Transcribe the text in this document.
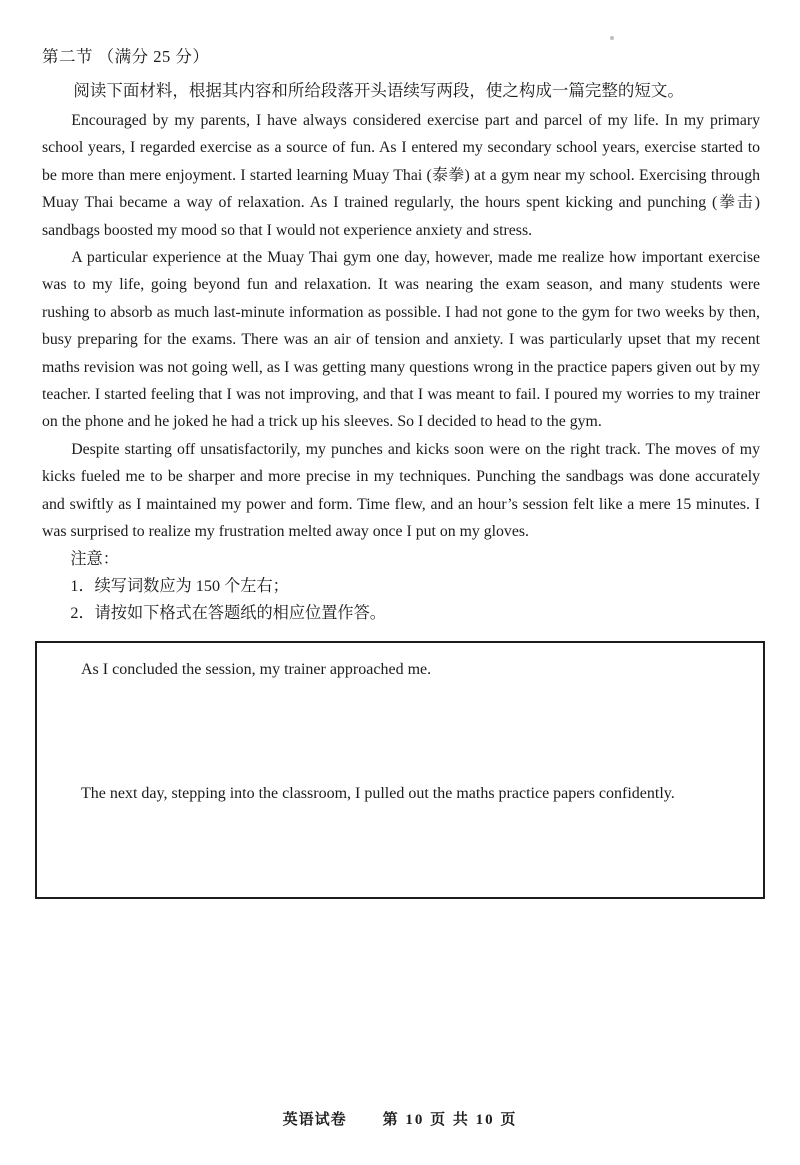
第二节 （满分 25 分）

阅读下面材料，根据其内容和所给段落开头语续写两段，使之构成一篇完整的短文。

Encouraged by my parents, I have always considered exercise part and parcel of my life. In my primary school years, I regarded exercise as a source of fun. As I entered my secondary school years, exercise started to be more than mere enjoyment. I started learning Muay Thai (泰拳) at a gym near my school. Exercising through Muay Thai became a way of relaxation. As I trained regularly, the hours spent kicking and punching (拳击) sandbags boosted my mood so that I would not experience anxiety and stress.

A particular experience at the Muay Thai gym one day, however, made me realize how important exercise was to my life, going beyond fun and relaxation. It was nearing the exam season, and many students were rushing to absorb as much last-minute information as possible. I had not gone to the gym for two weeks by then, busy preparing for the exams. There was an air of tension and anxiety. I was particularly upset that my recent maths revision was not going well, as I was getting many questions wrong in the practice papers given out by my teacher. I started feeling that I was not improving, and that I was meant to fail. I poured my worries to my trainer on the phone and he joked he had a trick up his sleeves. So I decided to head to the gym.

Despite starting off unsatisfactorily, my punches and kicks soon were on the right track. The moves of my kicks fueled me to be sharper and more precise in my techniques. Punching the sandbags was done accurately and swiftly as I maintained my power and form. Time flew, and an hour’s session felt like a mere 15 minutes. I was surprised to realize my frustration melted away once I put on my gloves.

注意：

1．续写词数应为 150 个左右；

2．请按如下格式在答题纸的相应位置作答。

As I concluded the session, my trainer approached me.

The next day, stepping into the classroom, I pulled out the maths practice papers confidently.

英语试卷 第 10 页 共 10 页
